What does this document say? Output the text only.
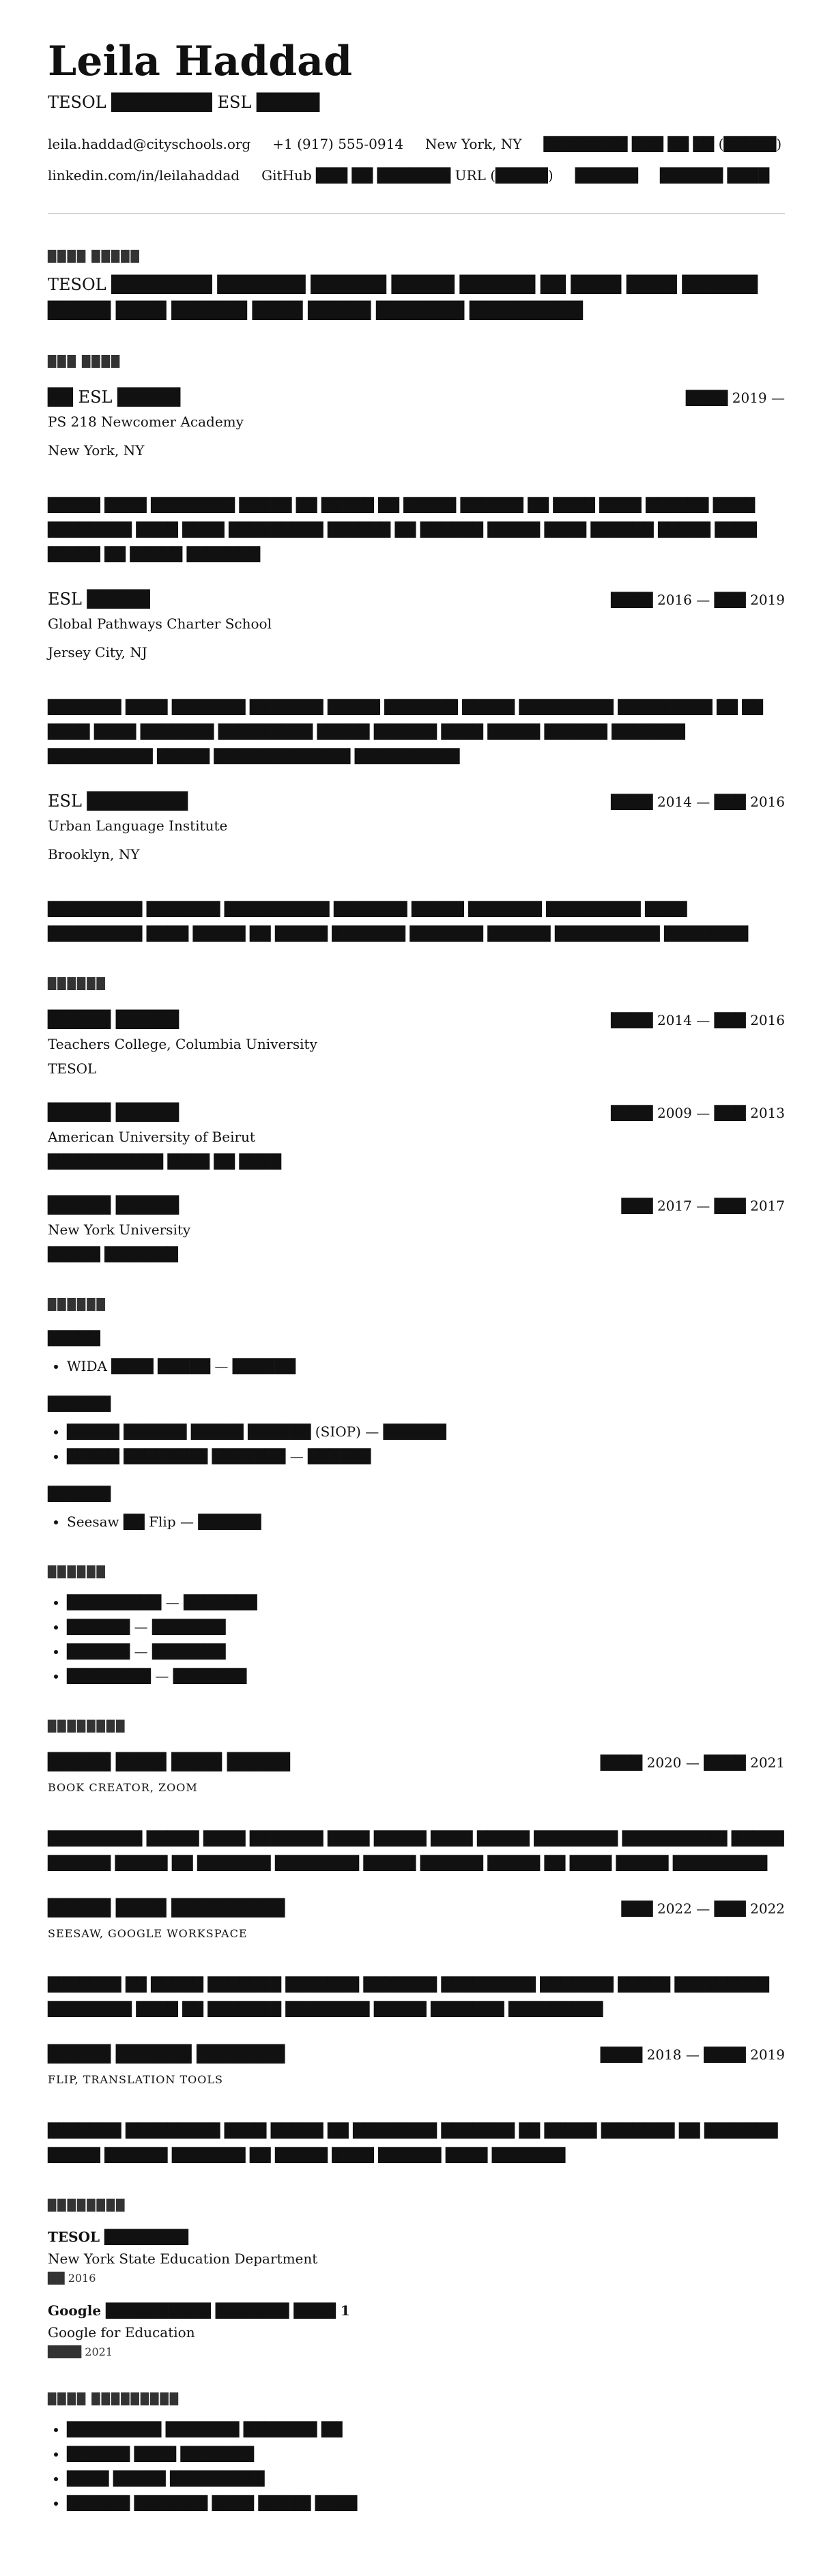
Leila Haddad
TESOL ████████ ESL █████
leila.haddad@cityschools.org +1 (917) 555-0914 New York, NY ████████ ███ ██ ██ (█████)
linkedin.com/in/leilahaddad GitHub ███ ██ ███████ URL (█████) ██████ ██████ ████
████ █████
TESOL ████████ ███████ ██████ █████ ██████ ██ ████ ████ ██████ █████ ████ ██████ ████ █████ ███████ █████████
███ ████
██ ESL █████	████ 2019 —
PS 218 Newcomer Academy
New York, NY
█████ ████ ████████ █████ ██ █████ ██ █████ ██████ ██ ████ ████ ██████ ████ ████████ ████ ████ █████████ ██████ ██ ██████ █████ ████ ██████ █████ ████ █████ ██ █████ ███████
ESL █████	████ 2016 — ███ 2019
Global Pathways Charter School
Jersey City, NJ
███████ ████ ███████ ███████ █████ ███████ █████ █████████ █████████ ██ ██ ████ ████ ███████ █████████ █████ ██████ ████ █████ ██████ ███████ ██████████ █████ █████████████ ██████████
ESL ████████	████ 2014 — ███ 2016
Urban Language Institute
Brooklyn, NY
█████████ ███████ ██████████ ███████ █████ ███████ █████████ ████ █████████ ████ █████ ██ █████ ███████ ███████ ██████ ██████████ ████████
██████
█████ █████	████ 2014 — ███ 2016
Teachers College, Columbia University
TESOL
█████ █████	████ 2009 — ███ 2013
American University of Beirut
███████████ ████ ██ ████
█████ █████	███ 2017 — ███ 2017
New York University
█████ ███████
██████
█████
• WIDA ████ █████ — ██████
██████
• █████ ██████ █████ ██████ (SIOP) — ██████
• █████ ████████ ███████ — ██████
██████
• Seesaw ██ Flip — ██████
██████
• █████████ — ███████
• ██████ — ███████
• ██████ — ███████
• ████████ — ███████
████████
█████ ████ ████ █████	████ 2020 — ████ 2021
BOOK CREATOR, ZOOM
█████████ █████ ████ ███████ ████ █████ ████ █████ ████████ ██████████ █████ ██████ █████ ██ ███████ ████████ █████ ██████ █████ ██ ████ █████ █████████
█████ ████ █████████	███ 2022 — ███ 2022
SEESAW, GOOGLE WORKSPACE
███████ ██ █████ ███████ ███████ ███████ █████████ ███████ █████ █████████ ████████ ████ ██ ███████ ████████ █████ ███████ █████████
█████ ██████ ███████	████ 2018 — ████ 2019
FLIP, TRANSLATION TOOLS
███████ █████████ ████ █████ ██ ████████ ███████ ██ █████ ███████ ██ ███████ █████ ██████ ███████ ██ █████ ████ ██████ ████ ███████
████████
TESOL ████████
New York State Education Department
██ 2016
Google ██████████ ███████ ████ 1
Google for Education
████ 2021
████ █████████
• █████████ ███████ ███████ ██
• ██████ ████ ███████
• ████ █████ █████████
• ██████ ███████ ████ █████ ████
